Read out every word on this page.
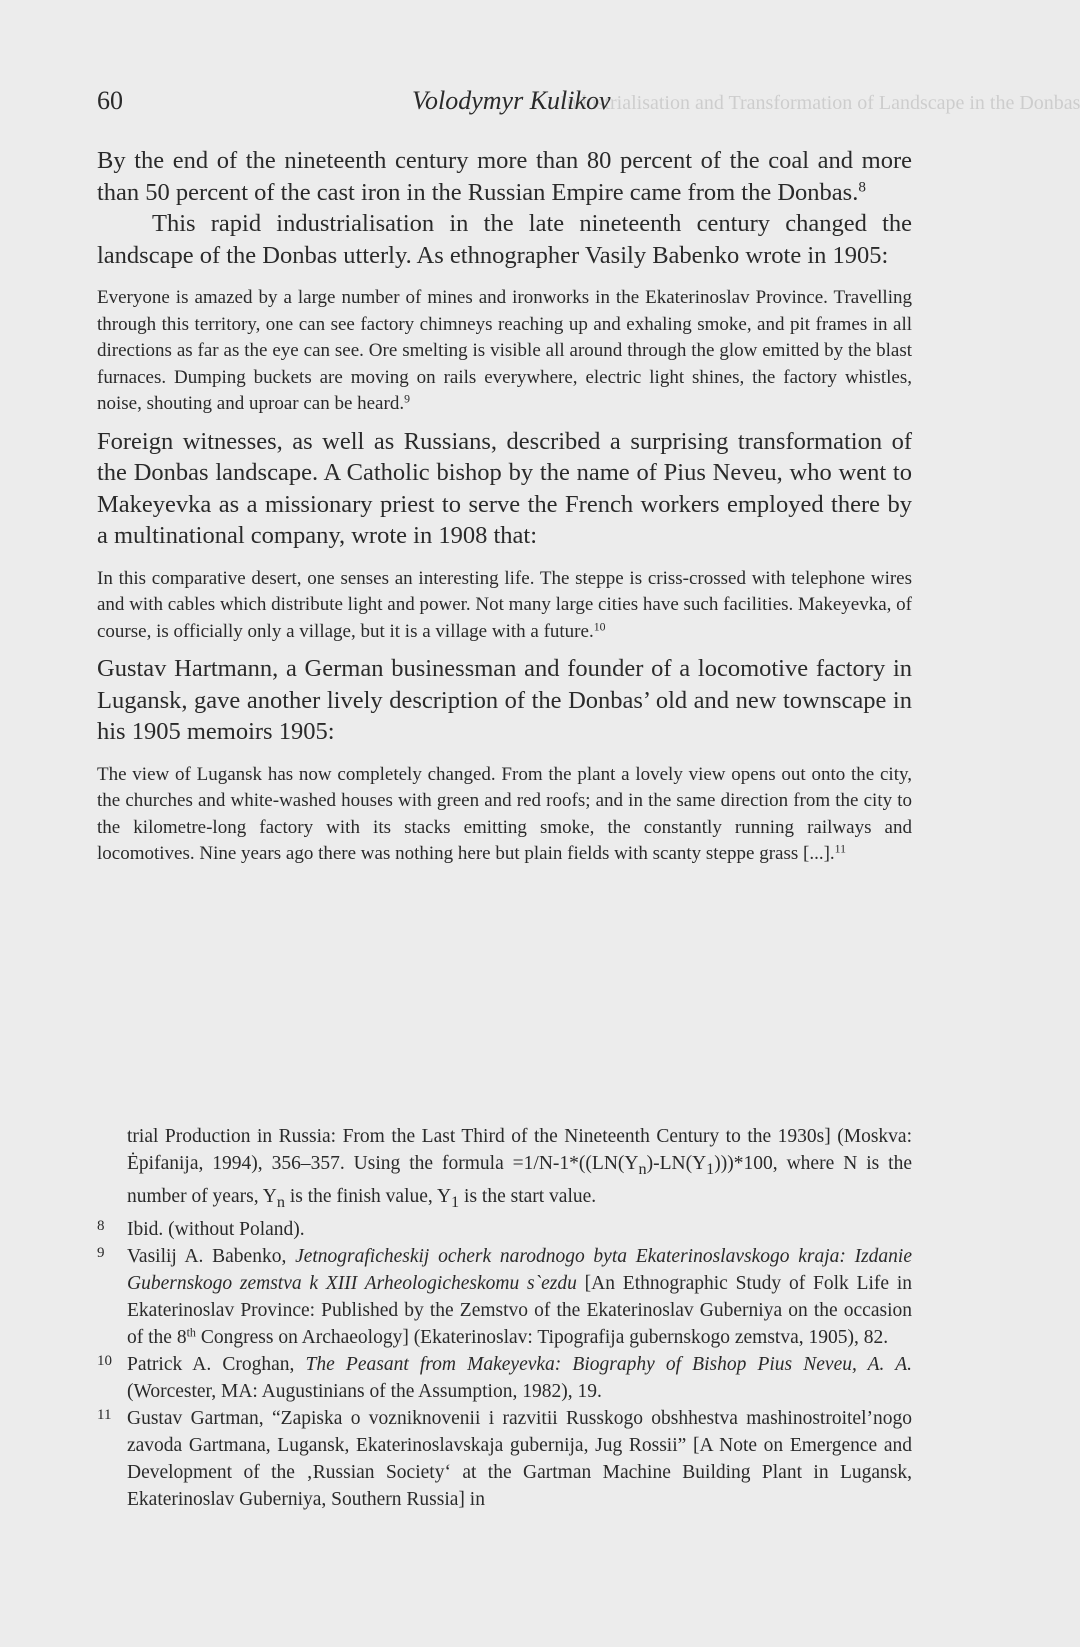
Industrialisation and Transformation of Landscape in the Donbas
60	Volodymyr Kulikov

By the end of the nineteenth century more than 80 percent of the coal and more than 50 percent of the cast iron in the Russian Empire came from the Donbas.$^8$

This rapid industrialisation in the late nineteenth century changed the landscape of the Donbas utterly. As ethnographer Vasily Babenko wrote in 1905:

Everyone is amazed by a large number of mines and ironworks in the Ekaterinoslav Province. Travelling through this territory, one can see factory chimneys reaching up and exhaling smoke, and pit frames in all directions as far as the eye can see. Ore smelting is visible all around through the glow emitted by the blast furnaces. Dumping buckets are moving on rails everywhere, electric light shines, the factory whistles, noise, shouting and uproar can be heard.$^9$

Foreign witnesses, as well as Russians, described a surprising transformation of the Donbas landscape. A Catholic bishop by the name of Pius Neveu, who went to Makeyevka as a missionary priest to serve the French workers employed there by a multinational company, wrote in 1908 that:

In this comparative desert, one senses an interesting life. The steppe is criss-crossed with telephone wires and with cables which distribute light and power. Not many large cities have such facilities. Makeyevka, of course, is officially only a village, but it is a village with a future.$^{10}$

Gustav Hartmann, a German businessman and founder of a locomotive factory in Lugansk, gave another lively description of the Donbas’ old and new townscape in his 1905 memoirs 1905:

The view of Lugansk has now completely changed. From the plant a lovely view opens out onto the city, the churches and white-washed houses with green and red roofs; and in the same direction from the city to the kilometre-long factory with its stacks emitting smoke, the constantly running railways and locomotives. Nine years ago there was nothing here but plain fields with scanty steppe grass [...].$^{11}$

trial Production in Russia: From the Last Third of the Nineteenth Century to the 1930s] (Moskva: Ėpifanija, 1994), 356–357. Using the formula $=1/N-1*((LN(Y_n)-LN(Y_1)))*100$, where N is the number of years, $Y_n$ is the finish value, $Y_1$ is the start value.
8 Ibid. (without Poland).
9 Vasilij A. Babenko, Jetnograficheskij ocherk narodnogo byta Ekaterinoslavskogo kraja: Izdanie Gubernskogo zemstva k XIII Arheologicheskomu s`ezdu [An Ethnographic Study of Folk Life in Ekaterinoslav Province: Published by the Zemstvo of the Ekaterinoslav Guberniya on the occasion of the 8th Congress on Archaeology] (Ekaterinoslav: Tipografija gubernskogo zemstva, 1905), 82.
10 Patrick A. Croghan, The Peasant from Makeyevka: Biography of Bishop Pius Neveu, A. A. (Worcester, MA: Augustinians of the Assumption, 1982), 19.
11 Gustav Gartman, “Zapiska o vozniknovenii i razvitii Russkogo obshhestva mashinostroitel’nogo zavoda Gartmana, Lugansk, Ekaterinoslavskaja gubernija, Jug Rossii” [A Note on Emergence and Development of the ‚Russian Society‘ at the Gartman Machine Building Plant in Lugansk, Ekaterinoslav Guberniya, Southern Russia] in
